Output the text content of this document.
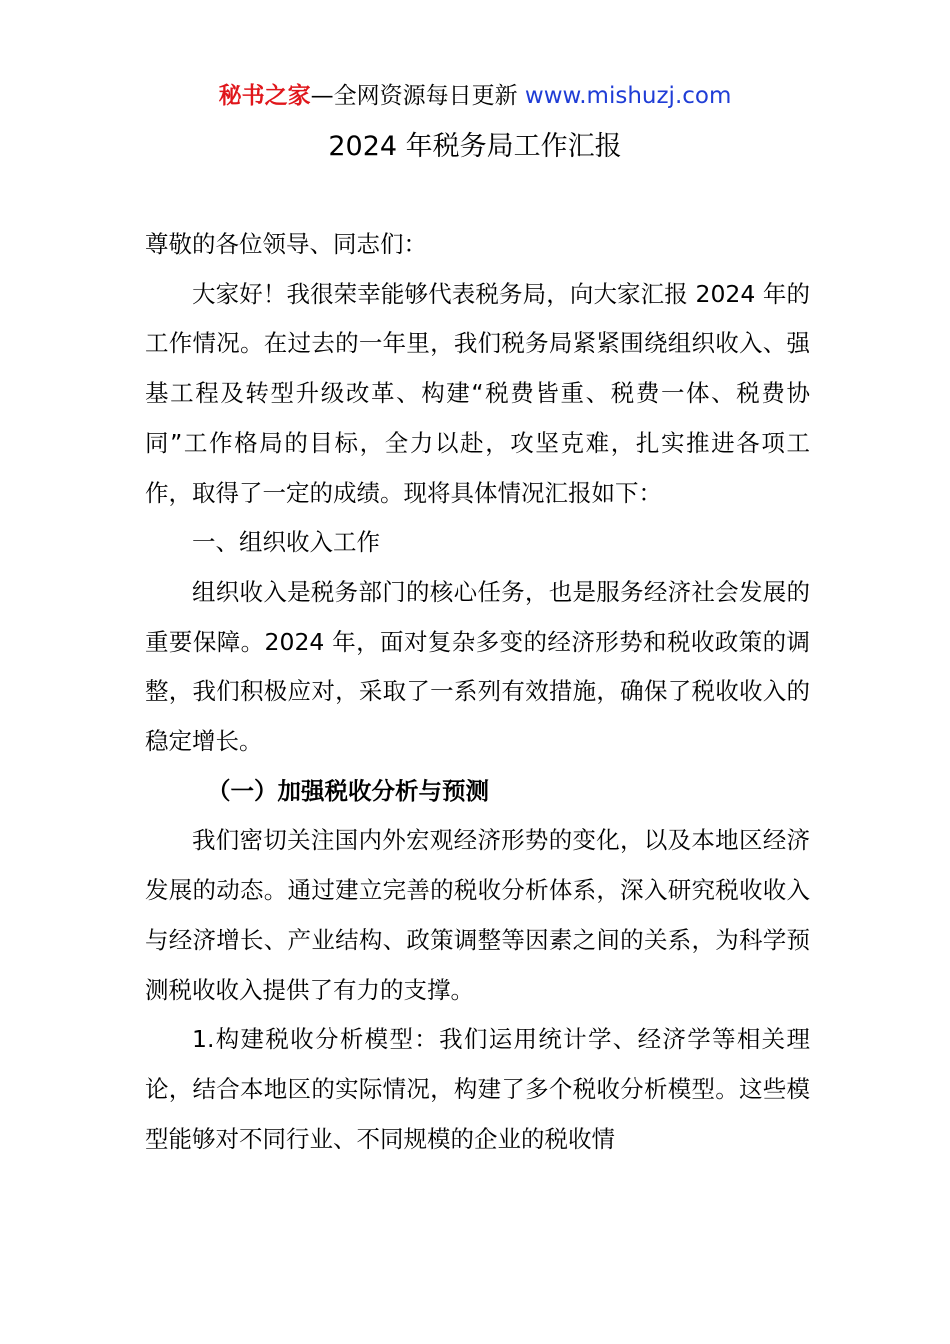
秘书之家—全网资源每日更新 www.mishuzj.com
2024 年税务局工作汇报

尊敬的各位领导、同志们：

大家好！我很荣幸能够代表税务局，向大家汇报 2024 年的工作情况。在过去的一年里，我们税务局紧紧围绕组织收入、强基工程及转型升级改革、构建“税费皆重、税费一体、税费协同”工作格局的目标，全力以赴，攻坚克难，扎实推进各项工作，取得了一定的成绩。现将具体情况汇报如下：

一、组织收入工作

组织收入是税务部门的核心任务，也是服务经济社会发展的重要保障。2024 年，面对复杂多变的经济形势和税收政策的调整，我们积极应对，采取了一系列有效措施，确保了税收收入的稳定增长。

（一）加强税收分析与预测

我们密切关注国内外宏观经济形势的变化，以及本地区经济发展的动态。通过建立完善的税收分析体系，深入研究税收收入与经济增长、产业结构、政策调整等因素之间的关系，为科学预测税收收入提供了有力的支撑。

1.构建税收分析模型：我们运用统计学、经济学等相关理论，结合本地区的实际情况，构建了多个税收分析模型。这些模型能够对不同行业、不同规模的企业的税收情
